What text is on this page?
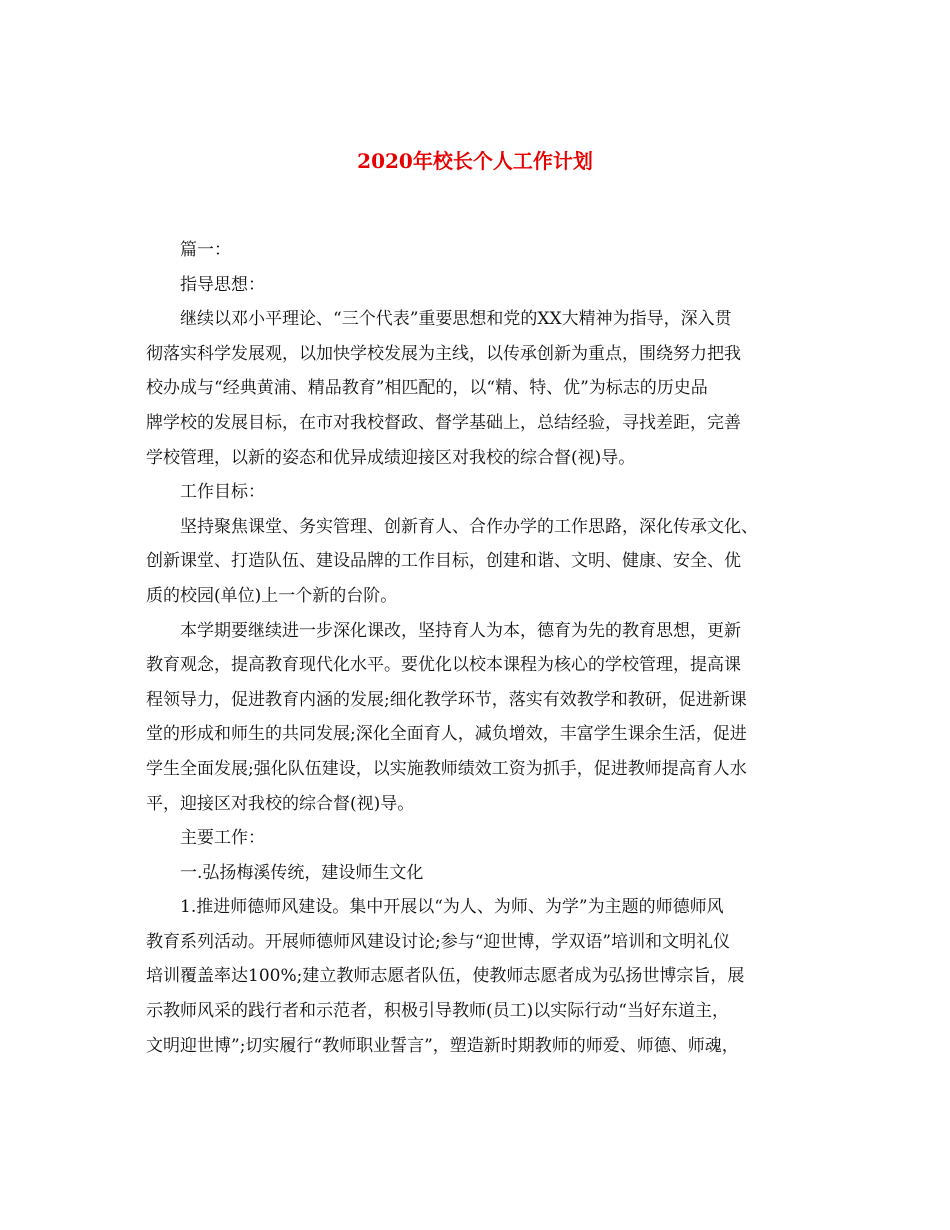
2020年校长个人工作计划
篇一：
指导思想：
继续以邓小平理论、“三个代表”重要思想和党的XX大精神为指导，深入贯
彻落实科学发展观，以加快学校发展为主线，以传承创新为重点，围绕努力把我
校办成与“经典黄浦、精品教育”相匹配的，以“精、特、优”为标志的历史品
牌学校的发展目标，在市对我校督政、督学基础上，总结经验，寻找差距，完善
学校管理，以新的姿态和优异成绩迎接区对我校的综合督(视)导。
工作目标：
坚持聚焦课堂、务实管理、创新育人、合作办学的工作思路，深化传承文化、
创新课堂、打造队伍、建设品牌的工作目标，创建和谐、文明、健康、安全、优
质的校园(单位)上一个新的台阶。
本学期要继续进一步深化课改，坚持育人为本，德育为先的教育思想，更新
教育观念，提高教育现代化水平。要优化以校本课程为核心的学校管理，提高课
程领导力，促进教育内涵的发展;细化教学环节，落实有效教学和教研，促进新课
堂的形成和师生的共同发展;深化全面育人，减负增效，丰富学生课余生活，促进
学生全面发展;强化队伍建设，以实施教师绩效工资为抓手，促进教师提高育人水
平，迎接区对我校的综合督(视)导。
主要工作：
一.弘扬梅溪传统，建设师生文化
1.推进师德师风建设。集中开展以“为人、为师、为学”为主题的师德师风
教育系列活动。开展师德师风建设讨论;参与“迎世博，学双语”培训和文明礼仪
培训覆盖率达100%;建立教师志愿者队伍，使教师志愿者成为弘扬世博宗旨，展
示教师风采的践行者和示范者，积极引导教师(员工)以实际行动“当好东道主，
文明迎世博”;切实履行“教师职业誓言”，塑造新时期教师的师爱、师德、师魂，
